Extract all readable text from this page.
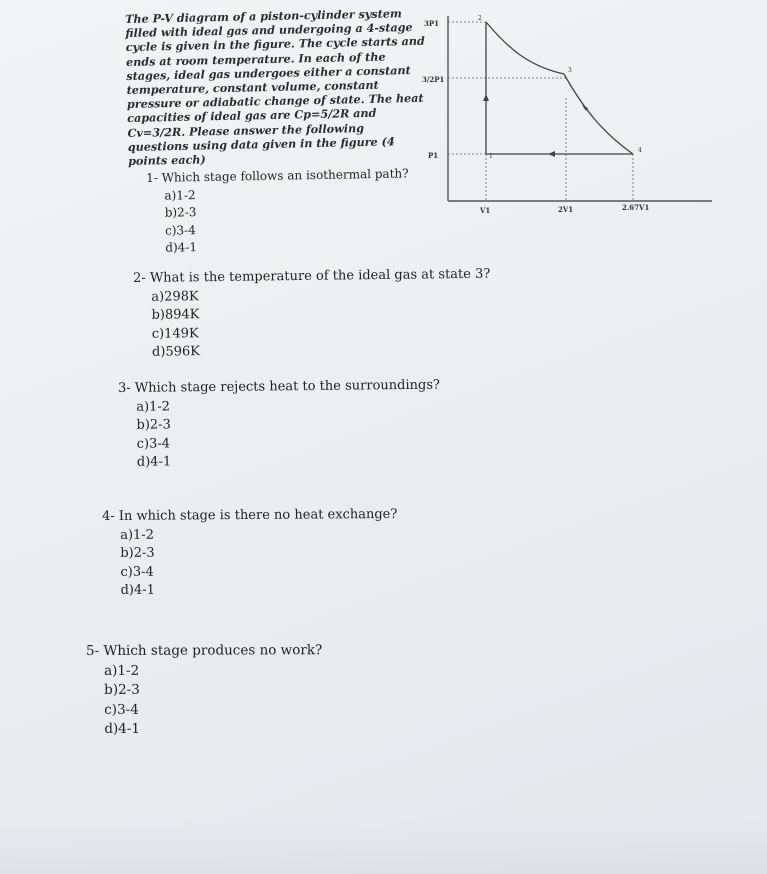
The P-V diagram of a piston-cylinder system filled with ideal gas and undergoing a 4-stage cycle is given in the figure. The cycle starts and ends at room temperature. In each of the stages, ideal gas undergoes either a constant temperature, constant volume, constant pressure or adiabatic change of state. The heat capacities of ideal gas are Cp=5/2R and Cv=3/2R. Please answer the following questions using data given in the figure (4 points each)
3P1
3/2P1
P1
V1	2V1	2.67V1
1
2
3
4
1- Which stage follows an isothermal path?
a)1-2
b)2-3
c)3-4
d)4-1
2- What is the temperature of the ideal gas at state 3?
a)298K
b)894K
c)149K
d)596K
3- Which stage rejects heat to the surroundings?
a)1-2
b)2-3
c)3-4
d)4-1
4- In which stage is there no heat exchange?
a)1-2
b)2-3
c)3-4
d)4-1
5- Which stage produces no work?
a)1-2
b)2-3
c)3-4
d)4-1
